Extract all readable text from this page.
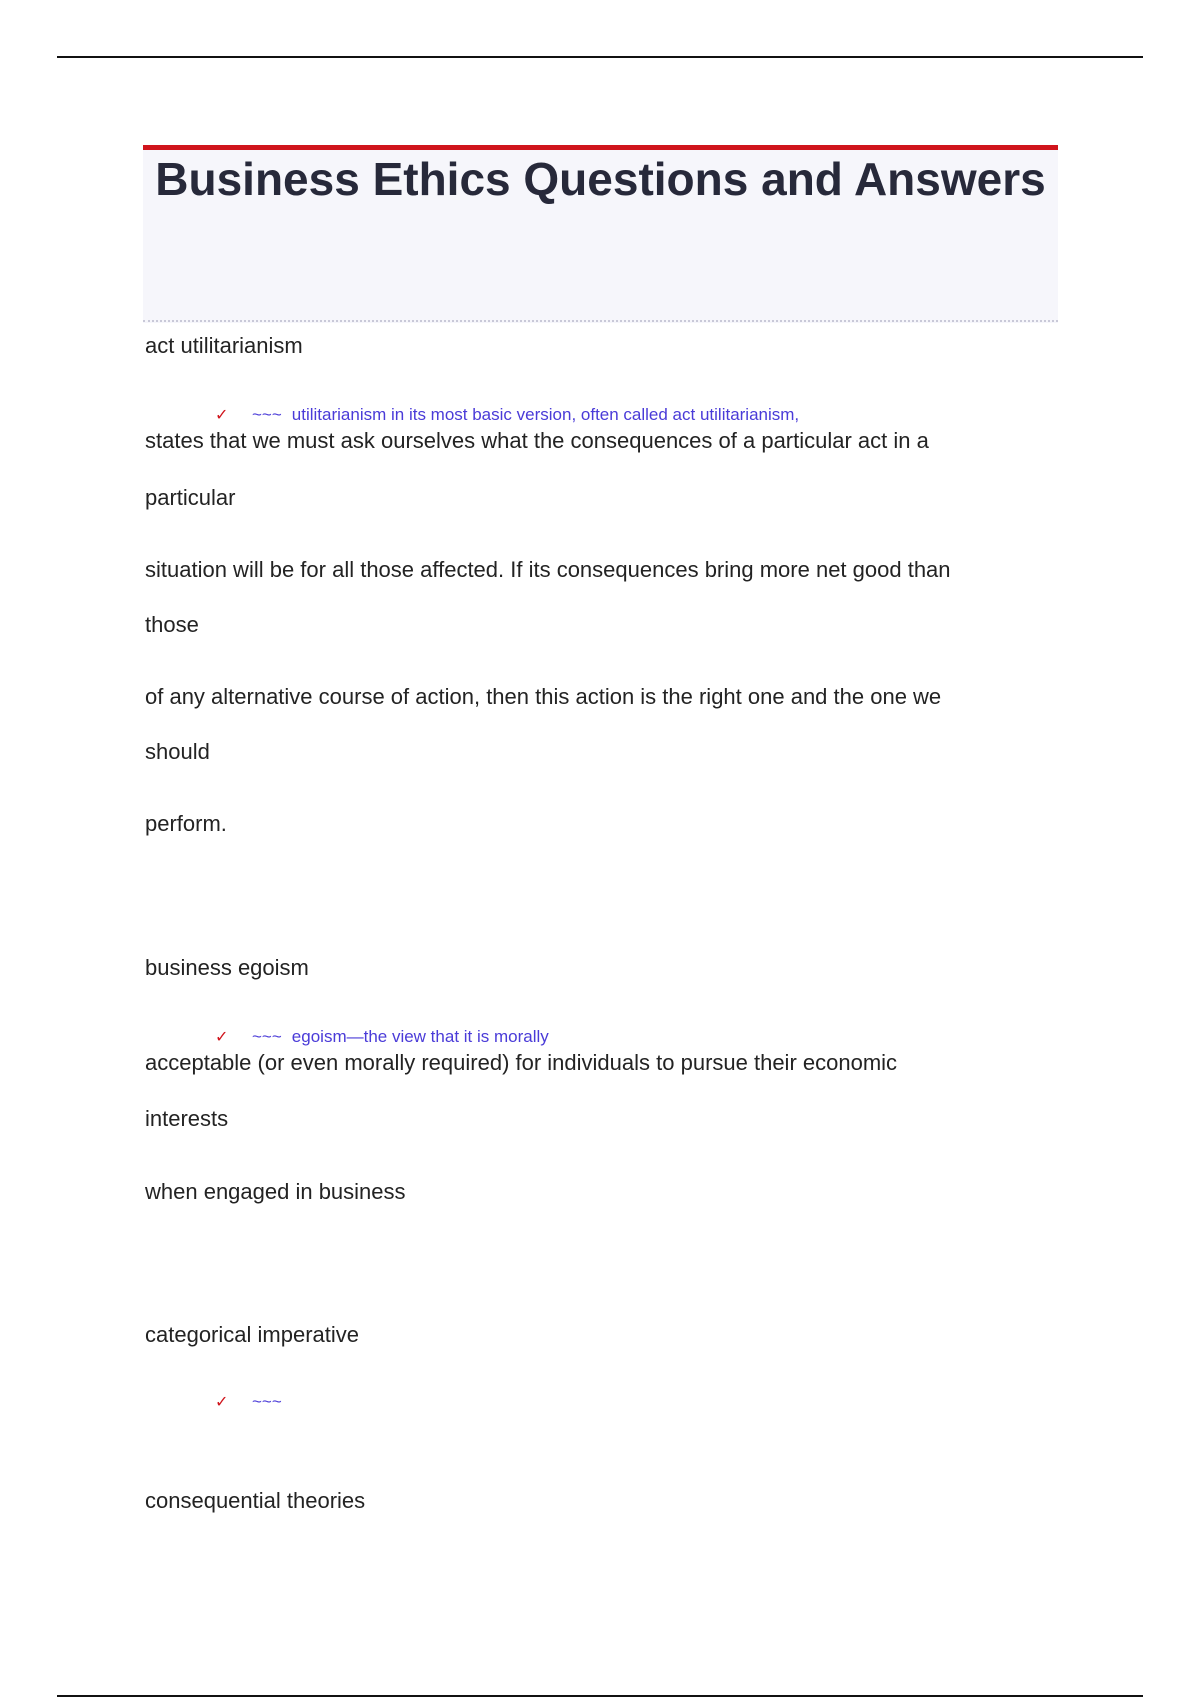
Business Ethics Questions and Answers

act utilitarianism

✓ ~~~ utilitarianism in its most basic version, often called act utilitarianism,

states that we must ask ourselves what the consequences of a particular act in a

particular

situation will be for all those affected. If its consequences bring more net good than

those

of any alternative course of action, then this action is the right one and the one we

should

perform.

business egoism

✓ ~~~ egoism—the view that it is morally

acceptable (or even morally required) for individuals to pursue their economic

interests

when engaged in business

categorical imperative

✓ ~~~

consequential theories
